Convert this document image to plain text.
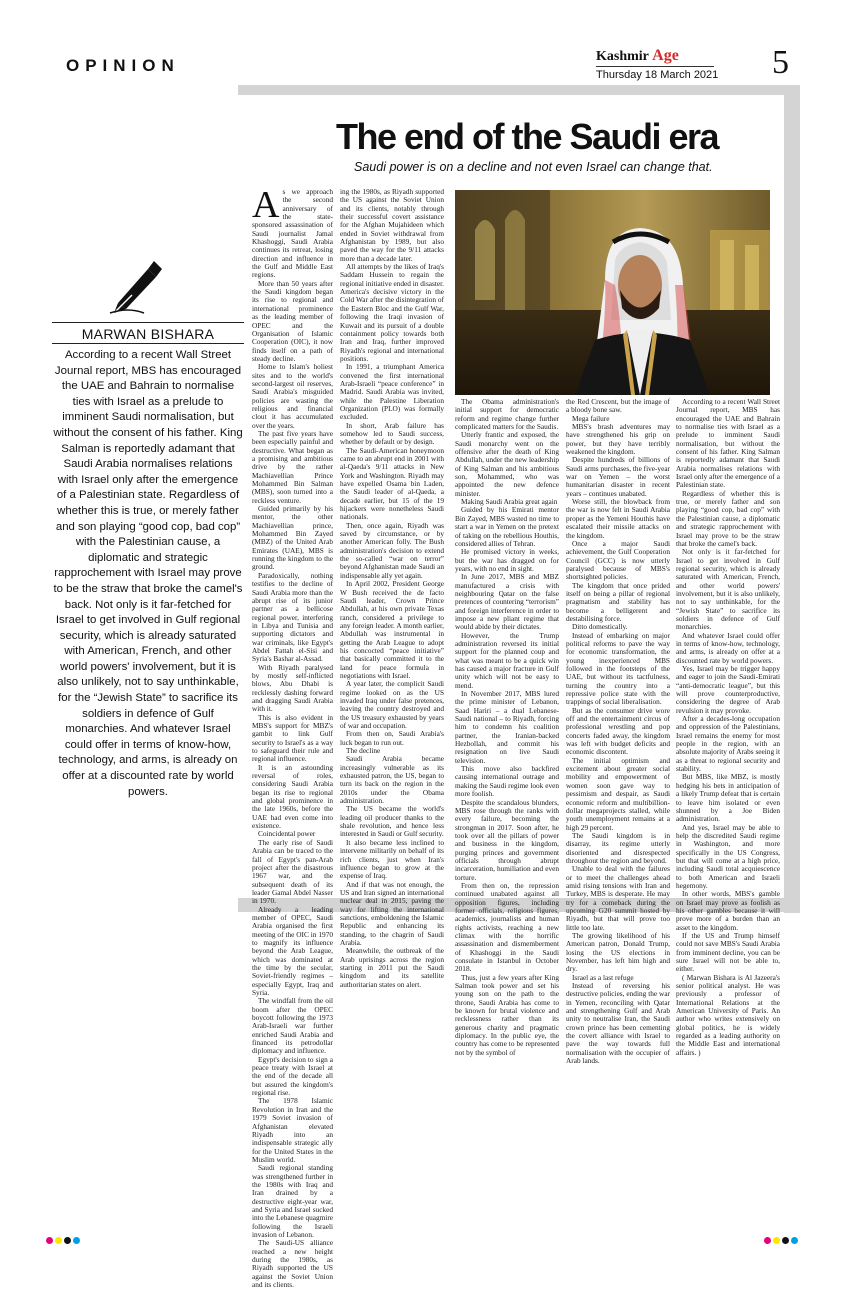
OPINION	Kashmir Age
Thursday 18 March 2021	5
The end of the Saudi era
Saudi power is on a decline and not even Israel can change that.
MARWAN BISHARA
According to a recent Wall Street Journal report, MBS has encouraged the UAE and Bahrain to normalise ties with Israel as a prelude to imminent Saudi normalisation, but without the consent of his father. King Salman is reportedly adamant that Saudi Arabia normalises relations with Israel only after the emergence of a Palestinian state. Regardless of whether this is true, or merely father and son playing “good cop, bad cop” with the Palestinian cause, a diplomatic and strategic rapprochement with Israel may prove to be the straw that broke the camel's back. Not only is it far-fetched for Israel to get involved in Gulf regional security, which is already saturated with American, French, and other world powers' involvement, but it is also unlikely, not to say unthinkable, for the “Jewish State” to sacrifice its soldiers in defence of Gulf monarchies. And whatever Israel could offer in terms of know-how, technology, and arms, is already on offer at a discounted rate by world powers.

As we approach the second anniversary of the state-sponsored assassination of Saudi journalist Jamal Khashoggi, Saudi Arabia continues its retreat, losing direction and influence in the Gulf and Middle East regions.

More than 50 years after the Saudi kingdom began its rise to regional and international prominence as the leading member of OPEC and the Organisation of Islamic Cooperation (OIC), it now finds itself on a path of steady decline.

Home to Islam's holiest sites and to the world's second-largest oil reserves, Saudi Arabia's misguided policies are wasting the religious and financial clout it has accumulated over the years.

The past five years have been especially painful and destructive. What began as a promising and ambitious drive by the rather Machiavellian Prince Mohammed Bin Salman (MBS), soon turned into a reckless venture.

Guided primarily by his mentor, the other Machiavellian prince, Mohammed Bin Zayed (MBZ) of the United Arab Emirates (UAE), MBS is running the kingdom to the ground.

Paradoxically, nothing testifies to the decline of Saudi Arabia more than the abrupt rise of its junior partner as a bellicose regional power, interfering in Libya and Tunisia and supporting dictators and war criminals, like Egypt's Abdel Fattah el-Sisi and Syria's Bashar al-Assad.

With Riyadh paralysed by mostly self-inflicted blows, Abu Dhabi is recklessly dashing forward and dragging Saudi Arabia with it.

This is also evident in MBS's support for MBZ's gambit to link Gulf security to Israel's as a way to safeguard their rule and regional influence.

It is an astounding reversal of roles, considering Saudi Arabia began its rise to regional and global prominence in the late 1960s, before the UAE had even come into existence.

Coincidental power

The early rise of Saudi Arabia can be traced to the fall of Egypt's pan-Arab project after the disastrous 1967 war, and the subsequent death of its leader Gamal Abdel Nasser in 1970.

Already a leading member of OPEC, Saudi Arabia organised the first meeting of the OIC in 1970 to magnify its influence beyond the Arab League, which was dominated at the time by the secular, Soviet-friendly regimes – especially Egypt, Iraq and Syria.

The windfall from the oil boom after the OPEC boycott following the 1973 Arab-Israeli war further enriched Saudi Arabia and financed its petrodollar diplomacy and influence.

Egypt's decision to sign a peace treaty with Israel at the end of the decade all but assured the kingdom's regional rise.

The 1978 Islamic Revolution in Iran and the 1979 Soviet invasion of Afghanistan elevated Riyadh into an indispensable strategic ally for the United States in the Muslim world.

Saudi regional standing was strengthened further in the 1980s with Iraq and Iran drained by a destructive eight-year war, and Syria and Israel sucked into the Lebanese quagmire following the Israeli invasion of Lebanon.

The Saudi-US alliance reached a new height during the 1980s, as Riyadh supported the US against the Soviet Union and its clients.

ing the 1980s, as Riyadh supported the US against the Soviet Union and its clients, notably through their successful covert assistance for the Afghan Mujahideen which ended in Soviet withdrawal from Afghanistan by 1989, but also paved the way for the 9/11 attacks more than a decade later.

All attempts by the likes of Iraq's Saddam Hussein to regain the regional initiative ended in disaster. America's decisive victory in the Cold War after the disintegration of the Eastern Bloc and the Gulf War, following the Iraqi invasion of Kuwait and its pursuit of a double containment policy towards both Iran and Iraq, further improved Riyadh's regional and international positions.

In 1991, a triumphant America convened the first international Arab-Israeli “peace conference” in Madrid. Saudi Arabia was invited, while the Palestine Liberation Organization (PLO) was formally excluded.

In short, Arab failure has somehow led to Saudi success, whether by default or by design.

The Saudi-American honeymoon came to an abrupt end in 2001 with al-Qaeda's 9/11 attacks in New York and Washington. Riyadh may have expelled Osama bin Laden, the Saudi leader of al-Qaeda, a decade earlier, but 15 of the 19 hijackers were nonetheless Saudi nationals.

Then, once again, Riyadh was saved by circumstance, or by another American folly. The Bush administration's decision to extend the so-called “war on terror” beyond Afghanistan made Saudi an indispensable ally yet again.

In April 2002, President George W Bush received the de facto Saudi leader, Crown Prince Abdullah, at his own private Texas ranch, considered a privilege to any foreign leader. A month earlier, Abdullah was instrumental in getting the Arab League to adopt his concocted “peace initiative” that basically committed it to the land for peace formula in negotiations with Israel.

A year later, the complicit Saudi regime looked on as the US invaded Iraq under false pretences, leaving the country destroyed and the US treasury exhausted by years of war and occupation.

From then on, Saudi Arabia's luck began to run out.

The decline

Saudi Arabia became increasingly vulnerable as its exhausted patron, the US, began to turn its back on the region in the 2010s under the Obama administration.

The US became the world's leading oil producer thanks to the shale revolution, and hence less interested in Saudi or Gulf security.

It also became less inclined to intervene militarily on behalf of its rich clients, just when Iran's influence began to grow at the expense of Iraq.

And if that was not enough, the US and Iran signed an international nuclear deal in 2015, paving the way for lifting the international sanctions, emboldening the Islamic Republic and enhancing its standing, to the chagrin of Saudi Arabia.

Meanwhile, the outbreak of the Arab uprisings across the region starting in 2011 put the Saudi kingdom and its satellite authoritarian states on alert.

The Obama administration's initial support for democratic reform and regime change further complicated matters for the Saudis.

Utterly frantic and exposed, the Saudi monarchy went on the offensive after the death of King Abdullah, under the new leadership of King Salman and his ambitious son, Mohammed, who was appointed the new defence minister.

Making Saudi Arabia great again

Guided by his Emirati mentor Bin Zayed, MBS wasted no time to start a war in Yemen on the pretext of taking on the rebellious Houthis, considered allies of Tehran.

He promised victory in weeks, but the war has dragged on for years, with no end in sight.

In June 2017, MBS and MBZ manufactured a crisis with neighbouring Qatar on the false pretences of countering “terrorism” and foreign interference in order to impose a new pliant regime that would abide by their dictates.

However, the Trump administration reversed its initial support for the planned coup and what was meant to be a quick win has caused a major fracture in Gulf unity which will not be easy to mend.

In November 2017, MBS lured the prime minister of Lebanon, Saad Hariri – a dual Lebanese-Saudi national – to Riyadh, forcing him to condemn his coalition partner, the Iranian-backed Hezbollah, and commit his resignation on live Saudi television.

This move also backfired causing international outrage and making the Saudi regime look even more foolish.

Despite the scandalous blunders, MBS rose through the ranks with every failure, becoming the strongman in 2017. Soon after, he took over all the pillars of power and business in the kingdom, purging princes and government officials through abrupt incarceration, humiliation and even torture.

From then on, the repression continued unabated against all opposition figures, including former officials, religious figures, academics, journalists and human rights activists, reaching a new climax with the horrific assassination and dismemberment of Khashoggi in the Saudi consulate in Istanbul in October 2018.

Thus, just a few years after King Salman took power and set his young son on the path to the throne, Saudi Arabia has come to be known for brutal violence and recklessness rather than its generous charity and pragmatic diplomacy. In the public eye, the country has come to be represented not by the symbol of

the Red Crescent, but the image of a bloody bone saw.

Mega failure

MBS's brash adventures may have strengthened his grip on power, but they have terribly weakened the kingdom.

Despite hundreds of billions of Saudi arms purchases, the five-year war on Yemen – the worst humanitarian disaster in recent years – continues unabated.

Worse still, the blowback from the war is now felt in Saudi Arabia proper as the Yemeni Houthis have escalated their missile attacks on the kingdom.

Once a major Saudi achievement, the Gulf Cooperation Council (GCC) is now utterly paralysed because of MBS's shortsighted policies.

The kingdom that once prided itself on being a pillar of regional pragmatism and stability has become a belligerent and destabilising force.

Ditto domestically.

Instead of embarking on major political reforms to pave the way for economic transformation, the young inexperienced MBS followed in the footsteps of the UAE, but without its tactfulness, turning the country into a repressive police state with the trappings of social liberalisation.

But as the consumer drive wore off and the entertainment circus of professional wrestling and pop concerts faded away, the kingdom was left with budget deficits and economic discontent.

The initial optimism and excitement about greater social mobility and empowerment of women soon gave way to pessimism and despair, as Saudi economic reform and multibillion-dollar megaprojects stalled, while youth unemployment remains at a high 29 percent.

The Saudi kingdom is in disarray, its regime utterly disoriented and disrespected throughout the region and beyond.

Unable to deal with the failures or to meet the challenges ahead amid rising tensions with Iran and Turkey, MBS is desperate. He may try for a comeback during the upcoming G20 summit hosted by Riyadh, but that will prove too little too late.

The growing likelihood of his American patron, Donald Trump, losing the US elections in November, has left him high and dry.

Israel as a last refuge

Instead of reversing his destructive policies, ending the war in Yemen, reconciling with Qatar and strengthening Gulf and Arab unity to neutralise Iran, the Saudi crown prince has been cementing the covert alliance with Israel to pave the way towards full normalisation with the occupier of Arab lands.

According to a recent Wall Street Journal report, MBS has encouraged the UAE and Bahrain to normalise ties with Israel as a prelude to imminent Saudi normalisation, but without the consent of his father. King Salman is reportedly adamant that Saudi Arabia normalises relations with Israel only after the emergence of a Palestinian state.

Regardless of whether this is true, or merely father and son playing “good cop, bad cop” with the Palestinian cause, a diplomatic and strategic rapprochement with Israel may prove to be the straw that broke the camel's back.

Not only is it far-fetched for Israel to get involved in Gulf regional security, which is already saturated with American, French, and other world powers' involvement, but it is also unlikely, not to say unthinkable, for the “Jewish State” to sacrifice its soldiers in defence of Gulf monarchies.

And whatever Israel could offer in terms of know-how, technology, and arms, is already on offer at a discounted rate by world powers.

Yes, Israel may be trigger happy and eager to join the Saudi-Emirati “anti-democratic league”, but this will prove counterproductive, considering the degree of Arab revulsion it may provoke.

After a decades-long occupation and oppression of the Palestinians, Israel remains the enemy for most people in the region, with an absolute majority of Arabs seeing it as a threat to regional security and stability.

But MBS, like MBZ, is mostly hedging his bets in anticipation of a likely Trump defeat that is certain to leave him isolated or even shunned by a Joe Biden administration.

And yes, Israel may be able to help the discredited Saudi regime in Washington, and more specifically in the US Congress, but that will come at a high price, including Saudi total acquiescence to both American and Israeli hegemony.

In other words, MBS's gamble on Israel may prove as foolish as his other gambles because it will prove more of a burden than an asset to the kingdom.

If the US and Trump himself could not save MBS's Saudi Arabia from imminent decline, you can be sure Israel will not be able to, either.

( Marwan Bishara is Al Jazeera's senior political analyst. He was previously a professor of International Relations at the American University of Paris. An author who writes extensively on global politics, he is widely regarded as a leading authority on the Middle East and international affairs. )
